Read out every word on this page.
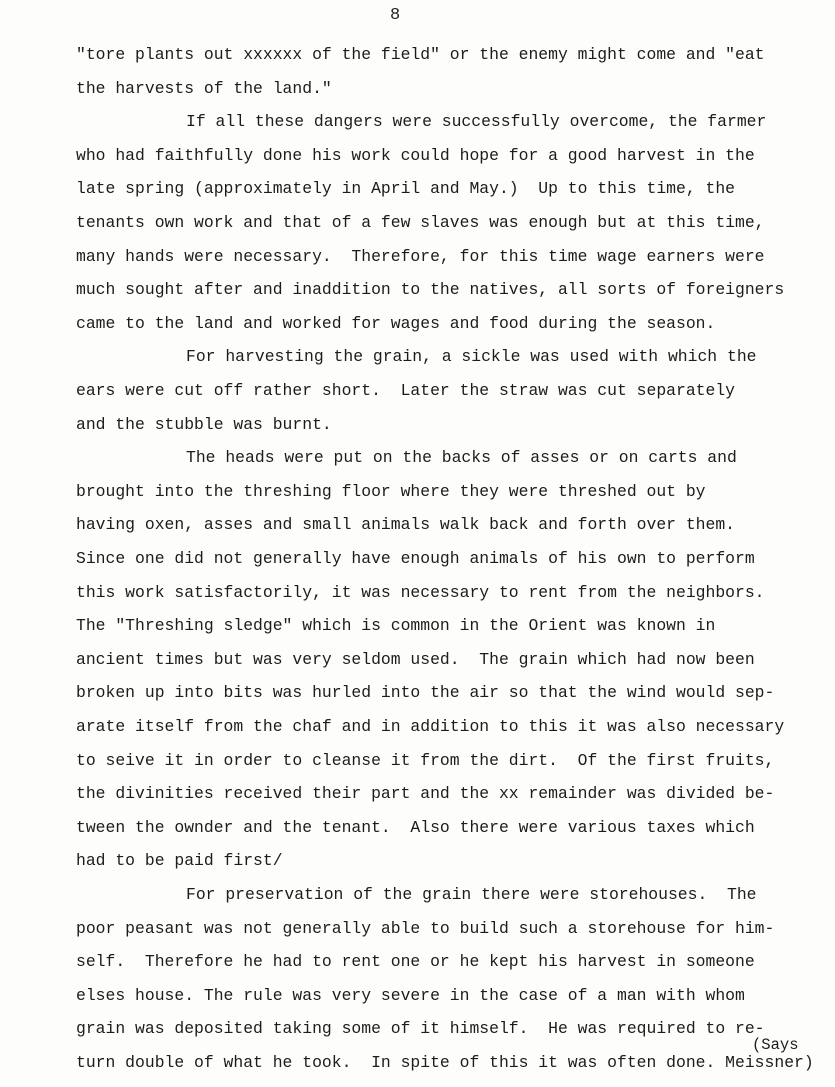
8
"tore plants out xxxxxx of the field" or the enemy might come and "eat
the harvests of the land."
If all these dangers were successfully overcome, the farmer
who had faithfully done his work could hope for a good harvest in the
late spring (approximately in April and May.)  Up to this time, the
tenants own work and that of a few slaves was enough but at this time,
many hands were necessary.  Therefore, for this time wage earners were
much sought after and inaddition to the natives, all sorts of foreigners
came to the land and worked for wages and food during the season.
For harvesting the grain, a sickle was used with which the
ears were cut off rather short.  Later the straw was cut separately
and the stubble was burnt.
The heads were put on the backs of asses or on carts and
brought into the threshing floor where they were threshed out by
having oxen, asses and small animals walk back and forth over them.
Since one did not generally have enough animals of his own to perform
this work satisfactorily, it was necessary to rent from the neighbors.
The "Threshing sledge" which is common in the Orient was known in
ancient times but was very seldom used.  The grain which had now been
broken up into bits was hurled into the air so that the wind would sep-
arate itself from the chaf and in addition to this it was also necessary
to seive it in order to cleanse it from the dirt.  Of the first fruits,
the divinities received their part and the xx remainder was divided be-
tween the ownder and the tenant.  Also there were various taxes which
had to be paid first/
For preservation of the grain there were storehouses.  The
poor peasant was not generally able to build such a storehouse for him-
self.  Therefore he had to rent one or he kept his harvest in someone
elses house. The rule was very severe in the case of a man with whom
grain was deposited taking some of it himself.  He was required to re-
turn double of what he took.  In spite of this it was often done. Meissner)
(Says
